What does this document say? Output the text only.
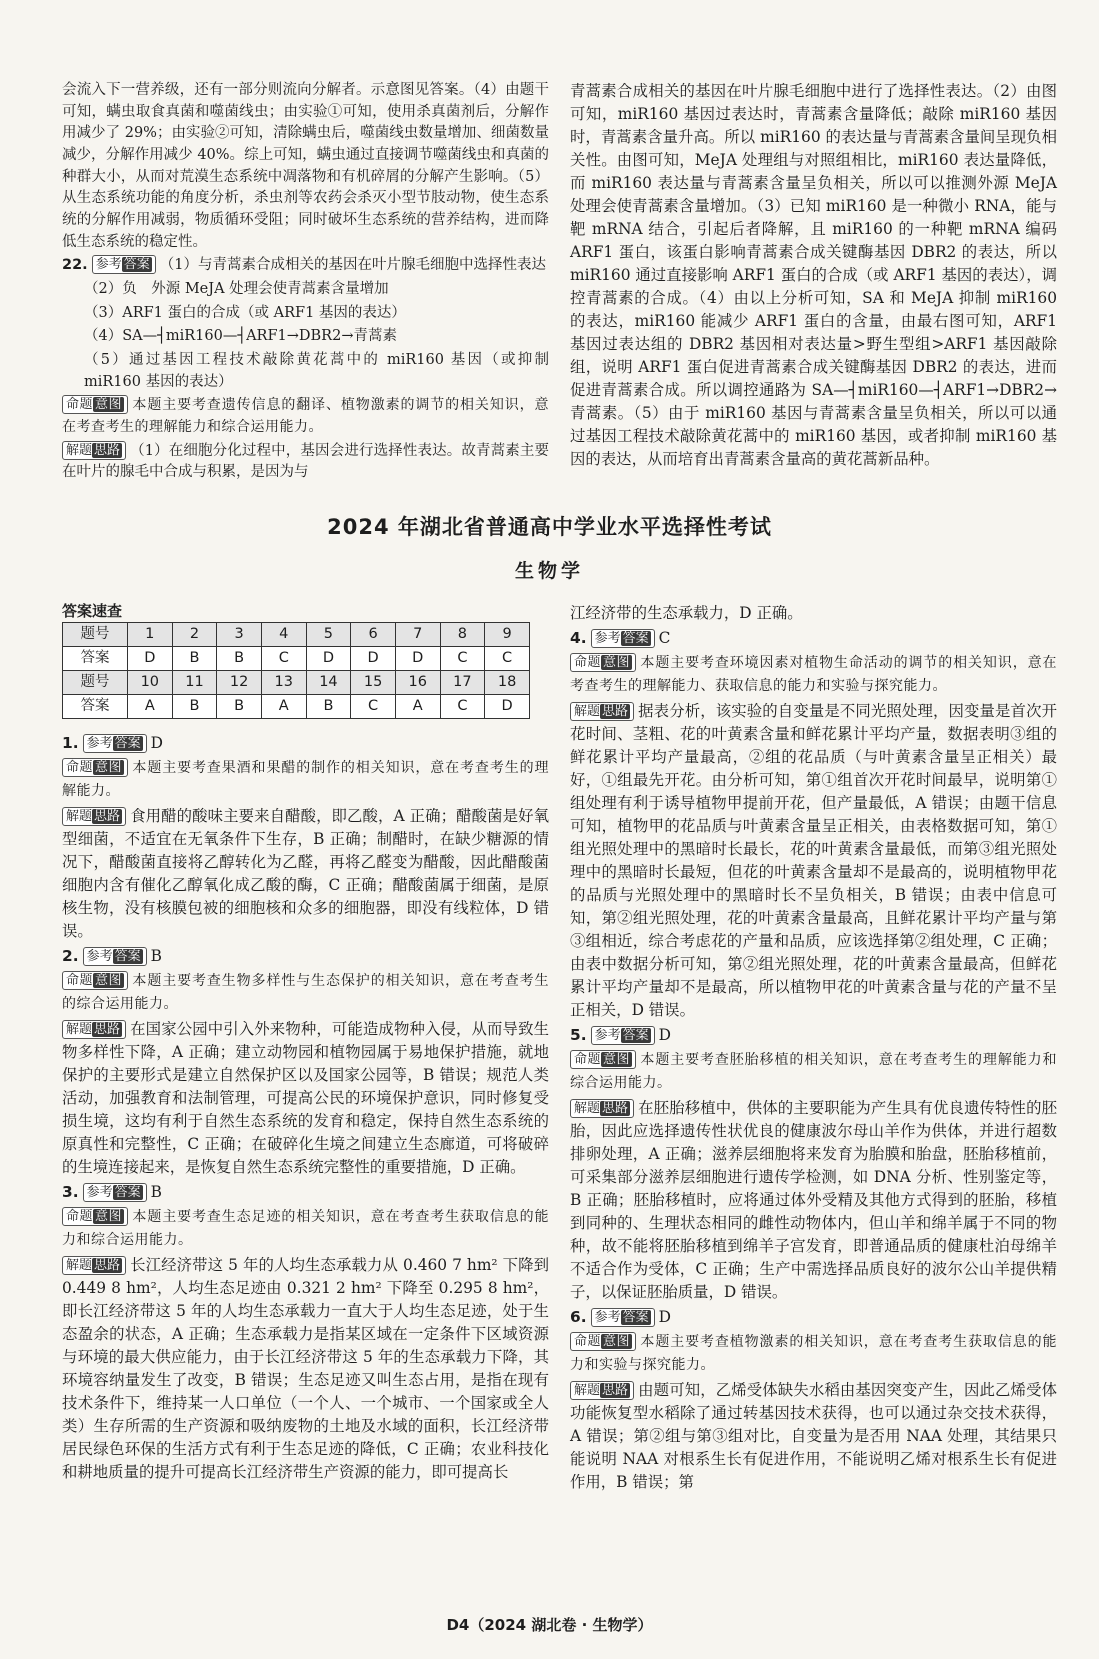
会流入下一营养级，还有一部分则流向分解者。示意图见答案。（4）由题干可知，螨虫取食真菌和噬菌线虫；由实验①可知，使用杀真菌剂后，分解作用减少了 29%；由实验②可知，清除螨虫后，噬菌线虫数量增加、细菌数量减少，分解作用减少 40%。综上可知，螨虫通过直接调节噬菌线虫和真菌的种群大小，从而对荒漠生态系统中凋落物和有机碎屑的分解产生影响。（5）从生态系统功能的角度分析，杀虫剂等农药会杀灭小型节肢动物，使生态系统的分解作用减弱，物质循环受阻；同时破坏生态系统的营养结构，进而降低生态系统的稳定性。

22. 参考 答案 （1）与青蒿素合成相关的基因在叶片腺毛细胞中选择性表达

（2）负　外源 MeJA 处理会使青蒿素含量增加

（3）ARF1 蛋白的合成（或 ARF1 基因的表达）

（4）SA—┤miR160—┤ARF1→DBR2→青蒿素

（5）通过基因工程技术敲除黄花蒿中的 miR160 基因（或抑制 miR160 基因的表达）

命题 意图 本题主要考查遗传信息的翻译、植物激素的调节的相关知识，意在考查考生的理解能力和综合运用能力。

解题 思路 （1）在细胞分化过程中，基因会进行选择性表达。故青蒿素主要在叶片的腺毛中合成与积累，是因为与

青蒿素合成相关的基因在叶片腺毛细胞中进行了选择性表达。（2）由图可知，miR160 基因过表达时，青蒿素含量降低；敲除 miR160 基因时，青蒿素含量升高。所以 miR160 的表达量与青蒿素含量间呈现负相关性。由图可知，MeJA 处理组与对照组相比，miR160 表达量降低，而 miR160 表达量与青蒿素含量呈负相关，所以可以推测外源 MeJA 处理会使青蒿素含量增加。（3）已知 miR160 是一种微小 RNA，能与靶 mRNA 结合，引起后者降解，且 miR160 的一种靶 mRNA 编码 ARF1 蛋白，该蛋白影响青蒿素合成关键酶基因 DBR2 的表达，所以 miR160 通过直接影响 ARF1 蛋白的合成（或 ARF1 基因的表达），调控青蒿素的合成。（4）由以上分析可知，SA 和 MeJA 抑制 miR160 的表达，miR160 能减少 ARF1 蛋白的含量，由最右图可知，ARF1 基因过表达组的 DBR2 基因相对表达量>野生型组>ARF1 基因敲除组，说明 ARF1 蛋白促进青蒿素合成关键酶基因 DBR2 的表达，进而促进青蒿素合成。所以调控通路为 SA—┤miR160—┤ARF1→DBR2→青蒿素。（5）由于 miR160 基因与青蒿素含量呈负相关，所以可以通过基因工程技术敲除黄花蒿中的 miR160 基因，或者抑制 miR160 基因的表达，从而培育出青蒿素含量高的黄花蒿新品种。

2024 年湖北省普通高中学业水平选择性考试
生物学
答案速查
题号	1	2	3	4	5	6	7	8	9
答案	D	B	B	C	D	D	D	C	C
题号	10	11	12	13	14	15	16	17	18
答案	A	B	B	A	B	C	A	C	D

1. 参考 答案 D

命题 意图 本题主要考查果酒和果醋的制作的相关知识，意在考查考生的理解能力。

解题 思路 食用醋的酸味主要来自醋酸，即乙酸，A 正确；醋酸菌是好氧型细菌，不适宜在无氧条件下生存，B 正确；制醋时，在缺少糖源的情况下，醋酸菌直接将乙醇转化为乙醛，再将乙醛变为醋酸，因此醋酸菌细胞内含有催化乙醇氧化成乙酸的酶，C 正确；醋酸菌属于细菌，是原核生物，没有核膜包被的细胞核和众多的细胞器，即没有线粒体，D 错误。

2. 参考 答案 B

命题 意图 本题主要考查生物多样性与生态保护的相关知识，意在考查考生的综合运用能力。

解题 思路 在国家公园中引入外来物种，可能造成物种入侵，从而导致生物多样性下降，A 正确；建立动物园和植物园属于易地保护措施，就地保护的主要形式是建立自然保护区以及国家公园等，B 错误；规范人类活动，加强教育和法制管理，可提高公民的环境保护意识，同时修复受损生境，这均有利于自然生态系统的发育和稳定，保持自然生态系统的原真性和完整性，C 正确；在破碎化生境之间建立生态廊道，可将破碎的生境连接起来，是恢复自然生态系统完整性的重要措施，D 正确。

3. 参考 答案 B

命题 意图 本题主要考查生态足迹的相关知识，意在考查考生获取信息的能力和综合运用能力。

解题 思路 长江经济带这 5 年的人均生态承载力从 0.460 7 hm² 下降到 0.449 8 hm²，人均生态足迹由 0.321 2 hm² 下降至 0.295 8 hm²，即长江经济带这 5 年的人均生态承载力一直大于人均生态足迹，处于生态盈余的状态，A 正确；生态承载力是指某区域在一定条件下区域资源与环境的最大供应能力，由于长江经济带这 5 年的生态承载力下降，其环境容纳量发生了改变，B 错误；生态足迹又叫生态占用，是指在现有技术条件下，维持某一人口单位（一个人、一个城市、一个国家或全人类）生存所需的生产资源和吸纳废物的土地及水域的面积，长江经济带居民绿色环保的生活方式有利于生态足迹的降低，C 正确；农业科技化和耕地质量的提升可提高长江经济带生产资源的能力，即可提高长

江经济带的生态承载力，D 正确。

4. 参考 答案 C

命题 意图 本题主要考查环境因素对植物生命活动的调节的相关知识，意在考查考生的理解能力、获取信息的能力和实验与探究能力。

解题 思路 据表分析，该实验的自变量是不同光照处理，因变量是首次开花时间、茎粗、花的叶黄素含量和鲜花累计平均产量，数据表明③组的鲜花累计平均产量最高，②组的花品质（与叶黄素含量呈正相关）最好，①组最先开花。由分析可知，第①组首次开花时间最早，说明第①组处理有利于诱导植物甲提前开花，但产量最低，A 错误；由题干信息可知，植物甲的花品质与叶黄素含量呈正相关，由表格数据可知，第①组光照处理中的黑暗时长最长，花的叶黄素含量最低，而第③组光照处理中的黑暗时长最短，但花的叶黄素含量却不是最高的，说明植物甲花的品质与光照处理中的黑暗时长不呈负相关，B 错误；由表中信息可知，第②组光照处理，花的叶黄素含量最高，且鲜花累计平均产量与第③组相近，综合考虑花的产量和品质，应该选择第②组处理，C 正确；由表中数据分析可知，第②组光照处理，花的叶黄素含量最高，但鲜花累计平均产量却不是最高，所以植物甲花的叶黄素含量与花的产量不呈正相关，D 错误。

5. 参考 答案 D

命题 意图 本题主要考查胚胎移植的相关知识，意在考查考生的理解能力和综合运用能力。

解题 思路 在胚胎移植中，供体的主要职能为产生具有优良遗传特性的胚胎，因此应选择遗传性状优良的健康波尔母山羊作为供体，并进行超数排卵处理，A 正确；滋养层细胞将来发育为胎膜和胎盘，胚胎移植前，可采集部分滋养层细胞进行遗传学检测，如 DNA 分析、性别鉴定等，B 正确；胚胎移植时，应将通过体外受精及其他方式得到的胚胎，移植到同种的、生理状态相同的雌性动物体内，但山羊和绵羊属于不同的物种，故不能将胚胎移植到绵羊子宫发育，即普通品质的健康杜泊母绵羊不适合作为受体，C 正确；生产中需选择品质良好的波尔公山羊提供精子，以保证胚胎质量，D 错误。

6. 参考 答案 D

命题 意图 本题主要考查植物激素的相关知识，意在考查考生获取信息的能力和实验与探究能力。

解题 思路 由题可知，乙烯受体缺失水稻由基因突变产生，因此乙烯受体功能恢复型水稻除了通过转基因技术获得，也可以通过杂交技术获得，A 错误；第②组与第③组对比，自变量为是否用 NAA 处理，其结果只能说明 NAA 对根系生长有促进作用，不能说明乙烯对根系生长有促进作用，B 错误；第

D4（2024 湖北卷 · 生物学）
